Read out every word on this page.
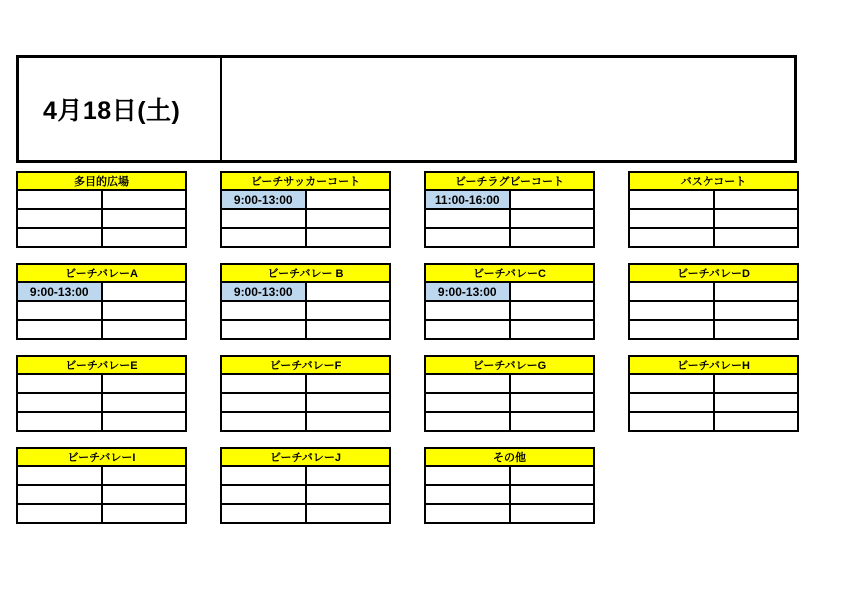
4月18日(土)
多目的広場	ビーチサッカーコート
9:00-13:00
ビーチラグビーコート
11:00-16:00
バスケコート
ビーチバレーA
9:00-13:00
ビーチバレー B
9:00-13:00
ビーチバレーC
9:00-13:00
ビーチバレーD
ビーチバレーE	ビーチバレーF	ビーチバレーG	ビーチバレーH
ビーチバレーI	ビーチバレーJ	その他
